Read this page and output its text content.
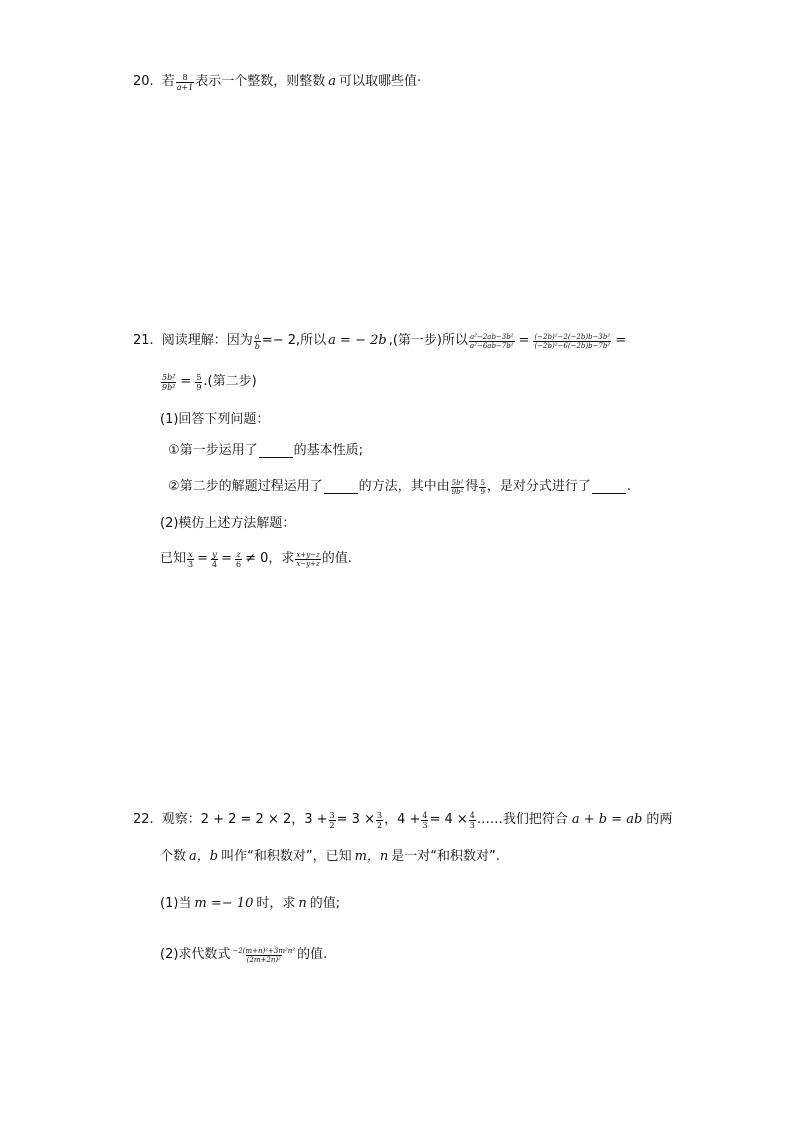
20. 若 $\frac{8}{a+1}$ 表示一个整数，则整数 a 可以取哪些值·
21. 阅读理解：因为 $\frac{a}{b} =- 2$,所以 a = − 2b ,(第一步)所以 $\frac{\text{a²−2ab−3b²}}{\text{a²−6ab−7b²}} = \frac{\text{(−2b)²−2(−2b)b−3b²}}{\text{(−2b)²−6(−2b)b−7b²}}$ =
$\frac{\text{5b²}}{\text{9b²}} = \frac{5}{9}$ .(第二步)
(1)回答下列问题：
①第一步运用了	的基本性质;
②第二步的解题过程运用了	的方法，其中由 $\frac{\text{5b²}}{\text{9b²}}$ 得 $\frac{5}{9}$ ，是对分式进行了	.
(2)模仿上述方法解题：
已知 $\frac{x}{3} = \frac{y}{4} = \frac{z}{6} \ne 0$，求 $\frac{x+y-z}{x-y+z}$ 的值.
22. 观察：2 + 2 = 2 × 2，$3 + \frac{3}{2} = 3 \times \frac{3}{2}$ ，$4 + \frac{4}{3} = 4 \times \frac{4}{3}$ ……我们把符合 a + b = ab 的两
个数 a，b 叫作“和积数对”，已知 m，n 是一对“和积数对”.
(1)当 m =− 10 时，求 n 的值;
(2)求代数式 $\frac{\text{−2(m+n)²+3m²n²}}{\text{(2m+2n)²}}$ 的值.
